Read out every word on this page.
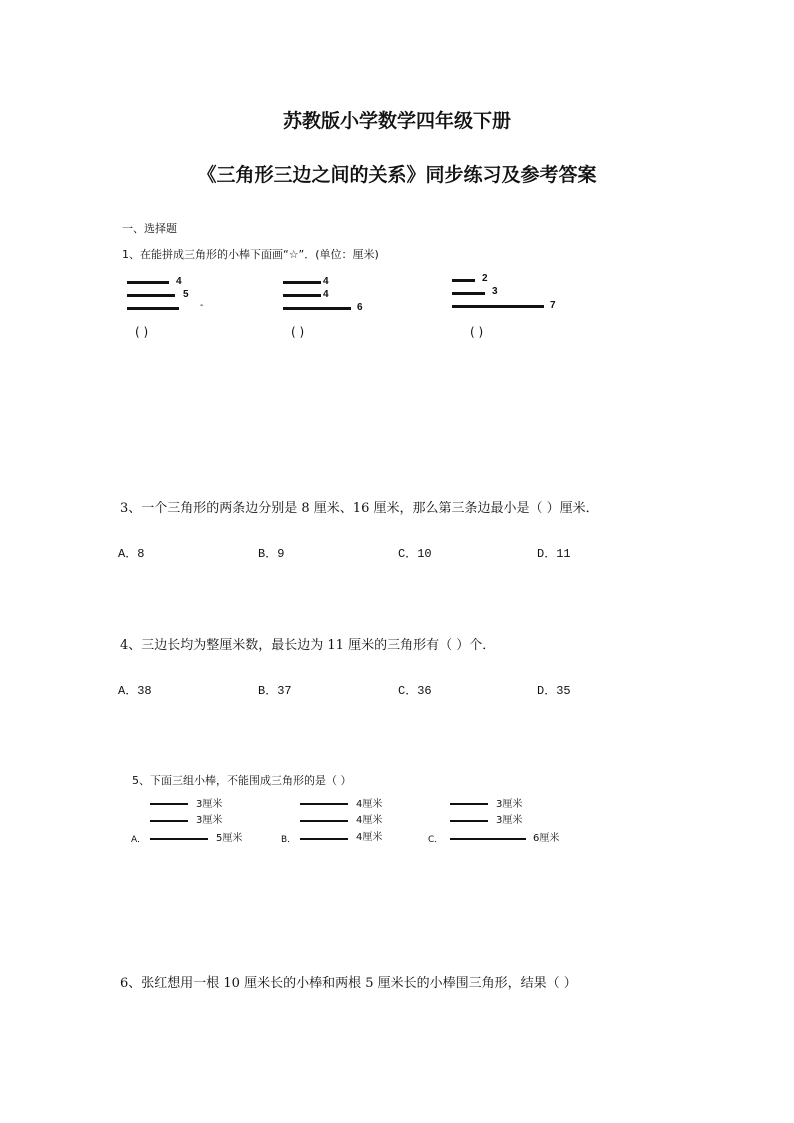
苏教版小学数学四年级下册
《三角形三边之间的关系》同步练习及参考答案
一、选择题
1、在能拼成三角形的小棒下面画“☆”．(单位：厘米)
4
5
-
( )
4
4
6
( )
2
3
7
( )
3、一个三角形的两条边分别是 8 厘米、16 厘米，那么第三条边最小是（ ）厘米．
A．8	B．9	C．10	D．11
4、三边长均为整厘米数，最长边为 11 厘米的三角形有（ ）个．
A．38	B．37	C．36	D．35
5、下面三组小棒，不能围成三角形的是（ ）
3厘米
3厘米
5厘米
A．
4厘米
4厘米
4厘米
B．
3厘米
3厘米
6厘米
C．
6、张红想用一根 10 厘米长的小棒和两根 5 厘米长的小棒围三角形，结果（ ）
